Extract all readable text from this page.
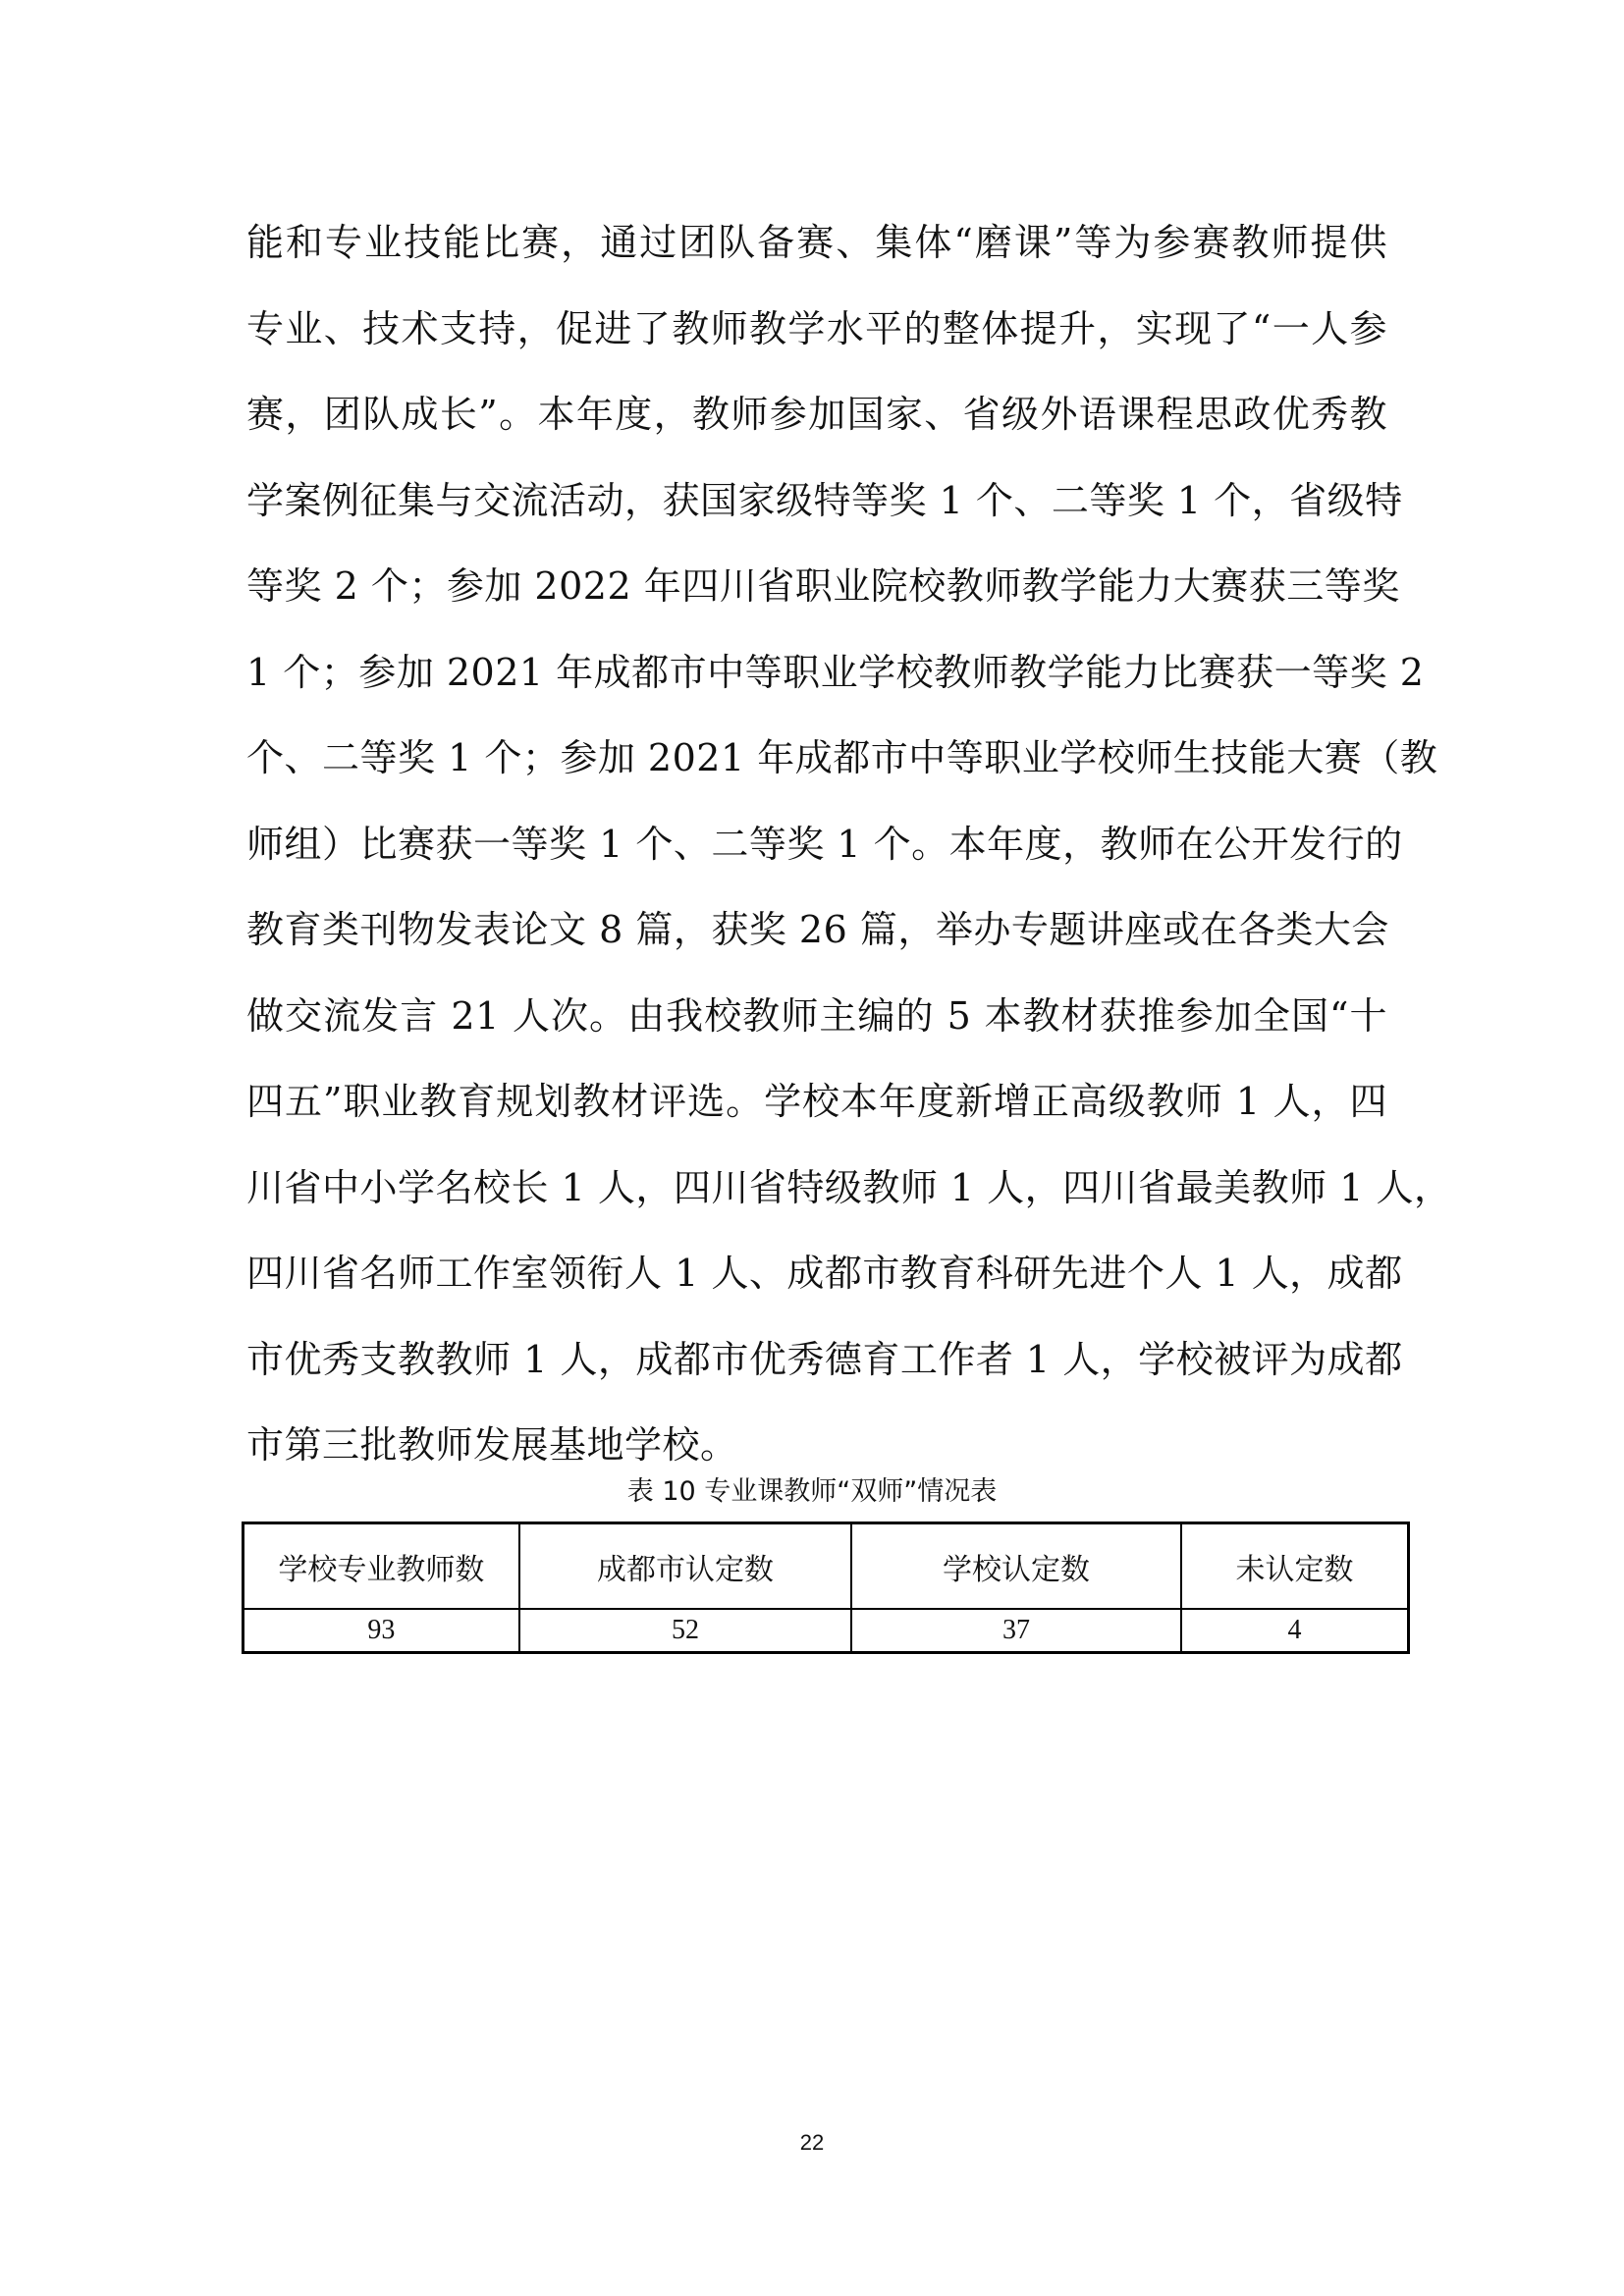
能和专业技能比赛，通过团队备赛、集体“磨课”等为参赛教师提供
专业、技术支持，促进了教师教学水平的整体提升，实现了“一人参
赛，团队成长”。本年度，教师参加国家、省级外语课程思政优秀教
学案例征集与交流活动，获国家级特等奖 1 个、二等奖 1 个，省级特
等奖 2 个；参加 2022 年四川省职业院校教师教学能力大赛获三等奖
1 个；参加 2021 年成都市中等职业学校教师教学能力比赛获一等奖 2
个、二等奖 1 个；参加 2021 年成都市中等职业学校师生技能大赛（教
师组）比赛获一等奖 1 个、二等奖 1 个。本年度，教师在公开发行的
教育类刊物发表论文 8 篇，获奖 26 篇，举办专题讲座或在各类大会
做交流发言 21 人次。由我校教师主编的 5 本教材获推参加全国“十
四五”职业教育规划教材评选。学校本年度新增正高级教师 1 人，四
川省中小学名校长 1 人，四川省特级教师 1 人，四川省最美教师 1 人，
四川省名师工作室领衔人 1 人、成都市教育科研先进个人 1 人，成都
市优秀支教教师 1 人，成都市优秀德育工作者 1 人，学校被评为成都
市第三批教师发展基地学校。
表 10 专业课教师“双师”情况表
学校专业教师数	成都市认定数	学校认定数	未认定数
93	52	37	4
22
